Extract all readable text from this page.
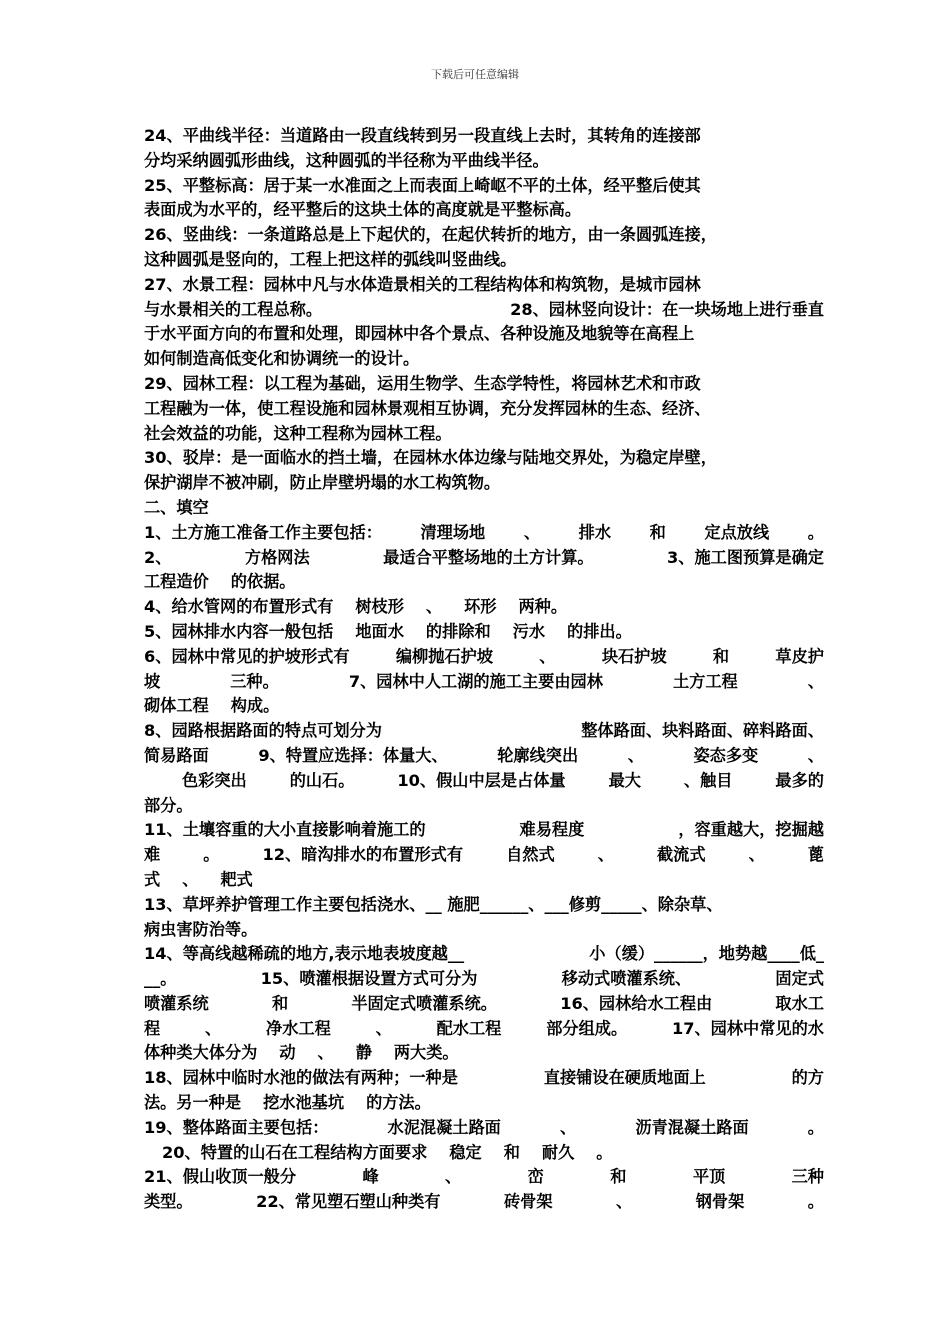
下载后可任意编辑
24、平曲线半径：当道路由一段直线转到另一段直线上去时，其转角的连接部
分均采纳圆弧形曲线，这种圆弧的半径称为平曲线半径。
25、平整标高：居于某一水准面之上而表面上崎岖不平的土体，经平整后使其
表面成为水平的，经平整后的这块土体的高度就是平整标高。
26、竖曲线：一条道路总是上下起伏的，在起伏转折的地方，由一条圆弧连接，
这种圆弧是竖向的，工程上把这样的弧线叫竖曲线。
27、水景工程：园林中凡与水体造景相关的工程结构体和构筑物，是城市园林
与水景相关的工程总称。	28、园林竖向设计：在一块场地上进行垂直
于水平面方向的布置和处理，即园林中各个景点、各种设施及地貌等在高程上
如何制造高低变化和协调统一的设计。
29、园林工程：以工程为基础，运用生物学、生态学特性，将园林艺术和市政
工程融为一体，使工程设施和园林景观相互协调，充分发挥园林的生态、经济、
社会效益的功能，这种工程称为园林工程。
30、驳岸：是一面临水的挡土墙，在园林水体边缘与陆地交界处，为稳定岸壁，
保护湖岸不被冲刷，防止岸壁坍塌的水工构筑物。
二、填空
1、土方施工准备工作主要包括： 清理场地 、 排水 和 定点放线 。
2、	方格网法	最适合平整场地的土方计算。	3、施工图预算是确定
工程造价 的依据。
4、给水管网的布置形式有 树枝形 、 环形 两种。
5、园林排水内容一般包括 地面水 的排除和 污水 的排出。
6、园林中常见的护坡形式有	编柳抛石护坡	、	块石护坡	和	草皮护
坡	三种。	7、园林中人工湖的施工主要由园林	土方工程	、
砌体工程 构成。
8、园路根据路面的特点可划分为	整体路面、块料路面、碎料路面、
简易路面	9、特置应选择：体量大、	轮廓线突出	、	姿态多变	、
色彩突出	的山石。	10、假山中层是占体量	最大	、触目	最多的
部分。
11、土壤容重的大小直接影响着施工的	难易程度	，容重越大，挖掘越
难	。	12、暗沟排水的布置形式有	自然式	、	截流式	、	蓖
式 、 耙式
13、草坪养护管理工作主要包括浇水、__ 施肥______、___修剪_____、除杂草、
病虫害防治等。
14、等高线越稀疏的地方,表示地表坡度越__	小（缓）______，地势越____低_
__。	15、喷灌根据设置方式可分为	移动式喷灌系统、	固定式
喷灌系统	和	半固定式喷灌系统。	16、园林给水工程由	取水工
程	、	净水工程	、	配水工程	部分组成。	17、园林中常见的水
体种类大体分为 动 、 静 两大类。
18、园林中临时水池的做法有两种；一种是	直接铺设在硬质地面上	的方
法。另一种是 挖水池基坑 的方法。
19、整体路面主要包括：	水泥混凝土路面	、	沥青混凝土路面	。
20、特置的山石在工程结构方面要求 稳定 和 耐久 。
21、假山收顶一般分	峰	、	峦	和	平顶	三种
类型。	22、常见塑石塑山种类有	砖骨架	、	钢骨架	。
